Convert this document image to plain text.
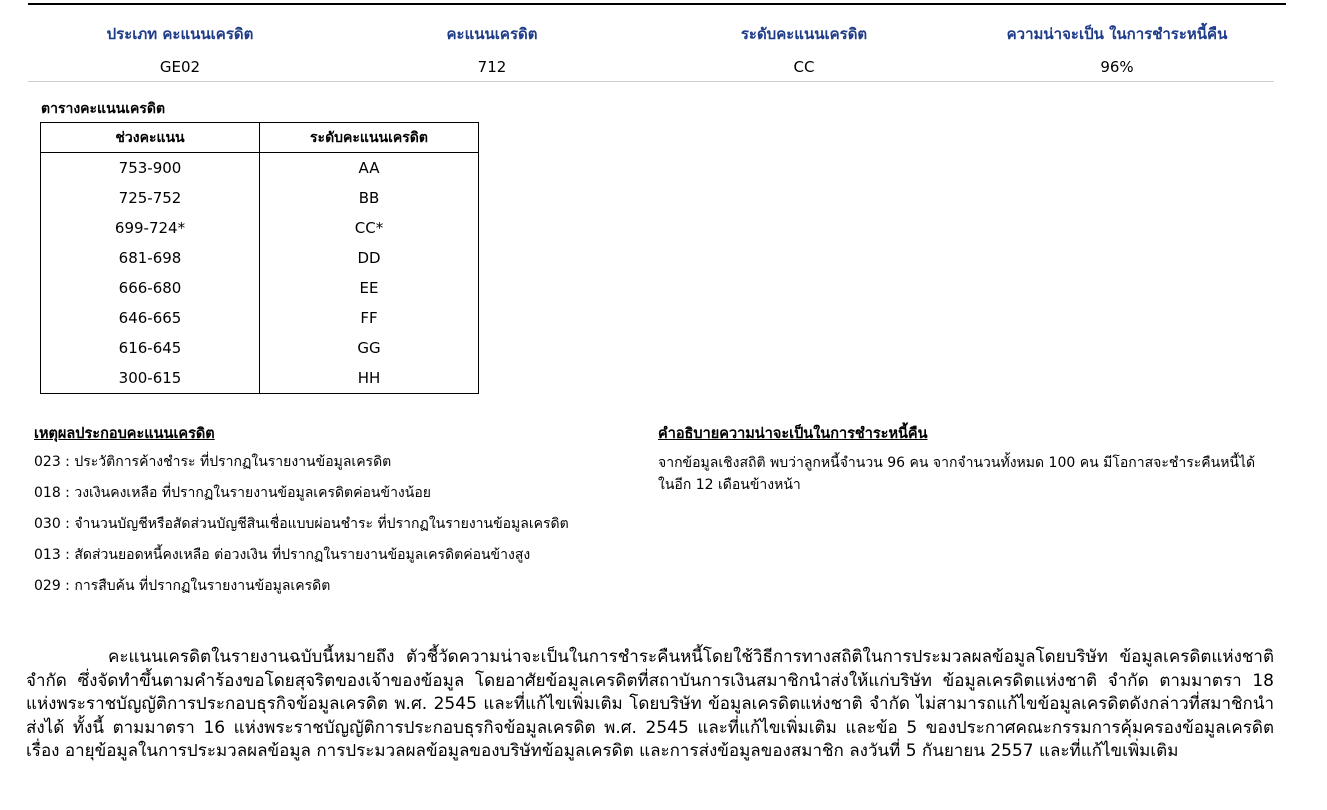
ประเภท คะแนนเครดิต	คะแนนเครดิต	ระดับคะแนนเครดิต	ความน่าจะเป็น ในการชำระหนี้คืน
GE02	712	CC	96%
ตารางคะแนนเครดิต
ช่วงคะแนน	ระดับคะแนนเครดิต
753-900	AA
725-752	BB
699-724*	CC*
681-698	DD
666-680	EE
646-665	FF
616-645	GG
300-615	HH
เหตุผลประกอบคะแนนเครดิต
023 : ประวัติการค้างชำระ ที่ปรากฏในรายงานข้อมูลเครดิต
018 : วงเงินคงเหลือ ที่ปรากฏในรายงานข้อมูลเครดิตค่อนข้างน้อย
030 : จำนวนบัญชีหรือสัดส่วนบัญชีสินเชื่อแบบผ่อนชำระ ที่ปรากฏในรายงานข้อมูลเครดิต
013 : สัดส่วนยอดหนี้คงเหลือ ต่อวงเงิน ที่ปรากฏในรายงานข้อมูลเครดิตค่อนข้างสูง
029 : การสืบค้น ที่ปรากฏในรายงานข้อมูลเครดิต
คำอธิบายความน่าจะเป็นในการชำระหนี้คืน
จากข้อมูลเชิงสถิติ พบว่าลูกหนี้จำนวน 96 คน จากจำนวนทั้งหมด 100 คน มีโอกาสจะชำระคืนหนี้ได้ในอีก 12 เดือนข้างหน้า
คะแนนเครดิตในรายงานฉบับนี้หมายถึง ตัวชี้วัดความน่าจะเป็นในการชำระคืนหนี้โดยใช้วิธีการทางสถิติในการประมวลผลข้อมูลโดยบริษัท ข้อมูลเครดิตแห่งชาติ จำกัด ซึ่งจัดทำขึ้นตามคำร้องขอโดยสุจริตของเจ้าของข้อมูล โดยอาศัยข้อมูลเครดิตที่สถาบันการเงินสมาชิกนำส่งให้แก่บริษัท ข้อมูลเครดิตแห่งชาติ จำกัด ตามมาตรา 18 แห่งพระราชบัญญัติการประกอบธุรกิจข้อมูลเครดิต พ.ศ. 2545 และที่แก้ไขเพิ่มเติม โดยบริษัท ข้อมูลเครดิตแห่งชาติ จำกัด ไม่สามารถแก้ไขข้อมูลเครดิตดังกล่าวที่สมาชิกนำส่งได้ ทั้งนี้ ตามมาตรา 16 แห่งพระราชบัญญัติการประกอบธุรกิจข้อมูลเครดิต พ.ศ. 2545 และที่แก้ไขเพิ่มเติม และข้อ 5 ของประกาศคณะกรรมการคุ้มครองข้อมูลเครดิต เรื่อง อายุข้อมูลในการประมวลผลข้อมูล การประมวลผลข้อมูลของบริษัทข้อมูลเครดิต และการส่งข้อมูลของสมาชิก ลงวันที่ 5 กันยายน 2557 และที่แก้ไขเพิ่มเติม
